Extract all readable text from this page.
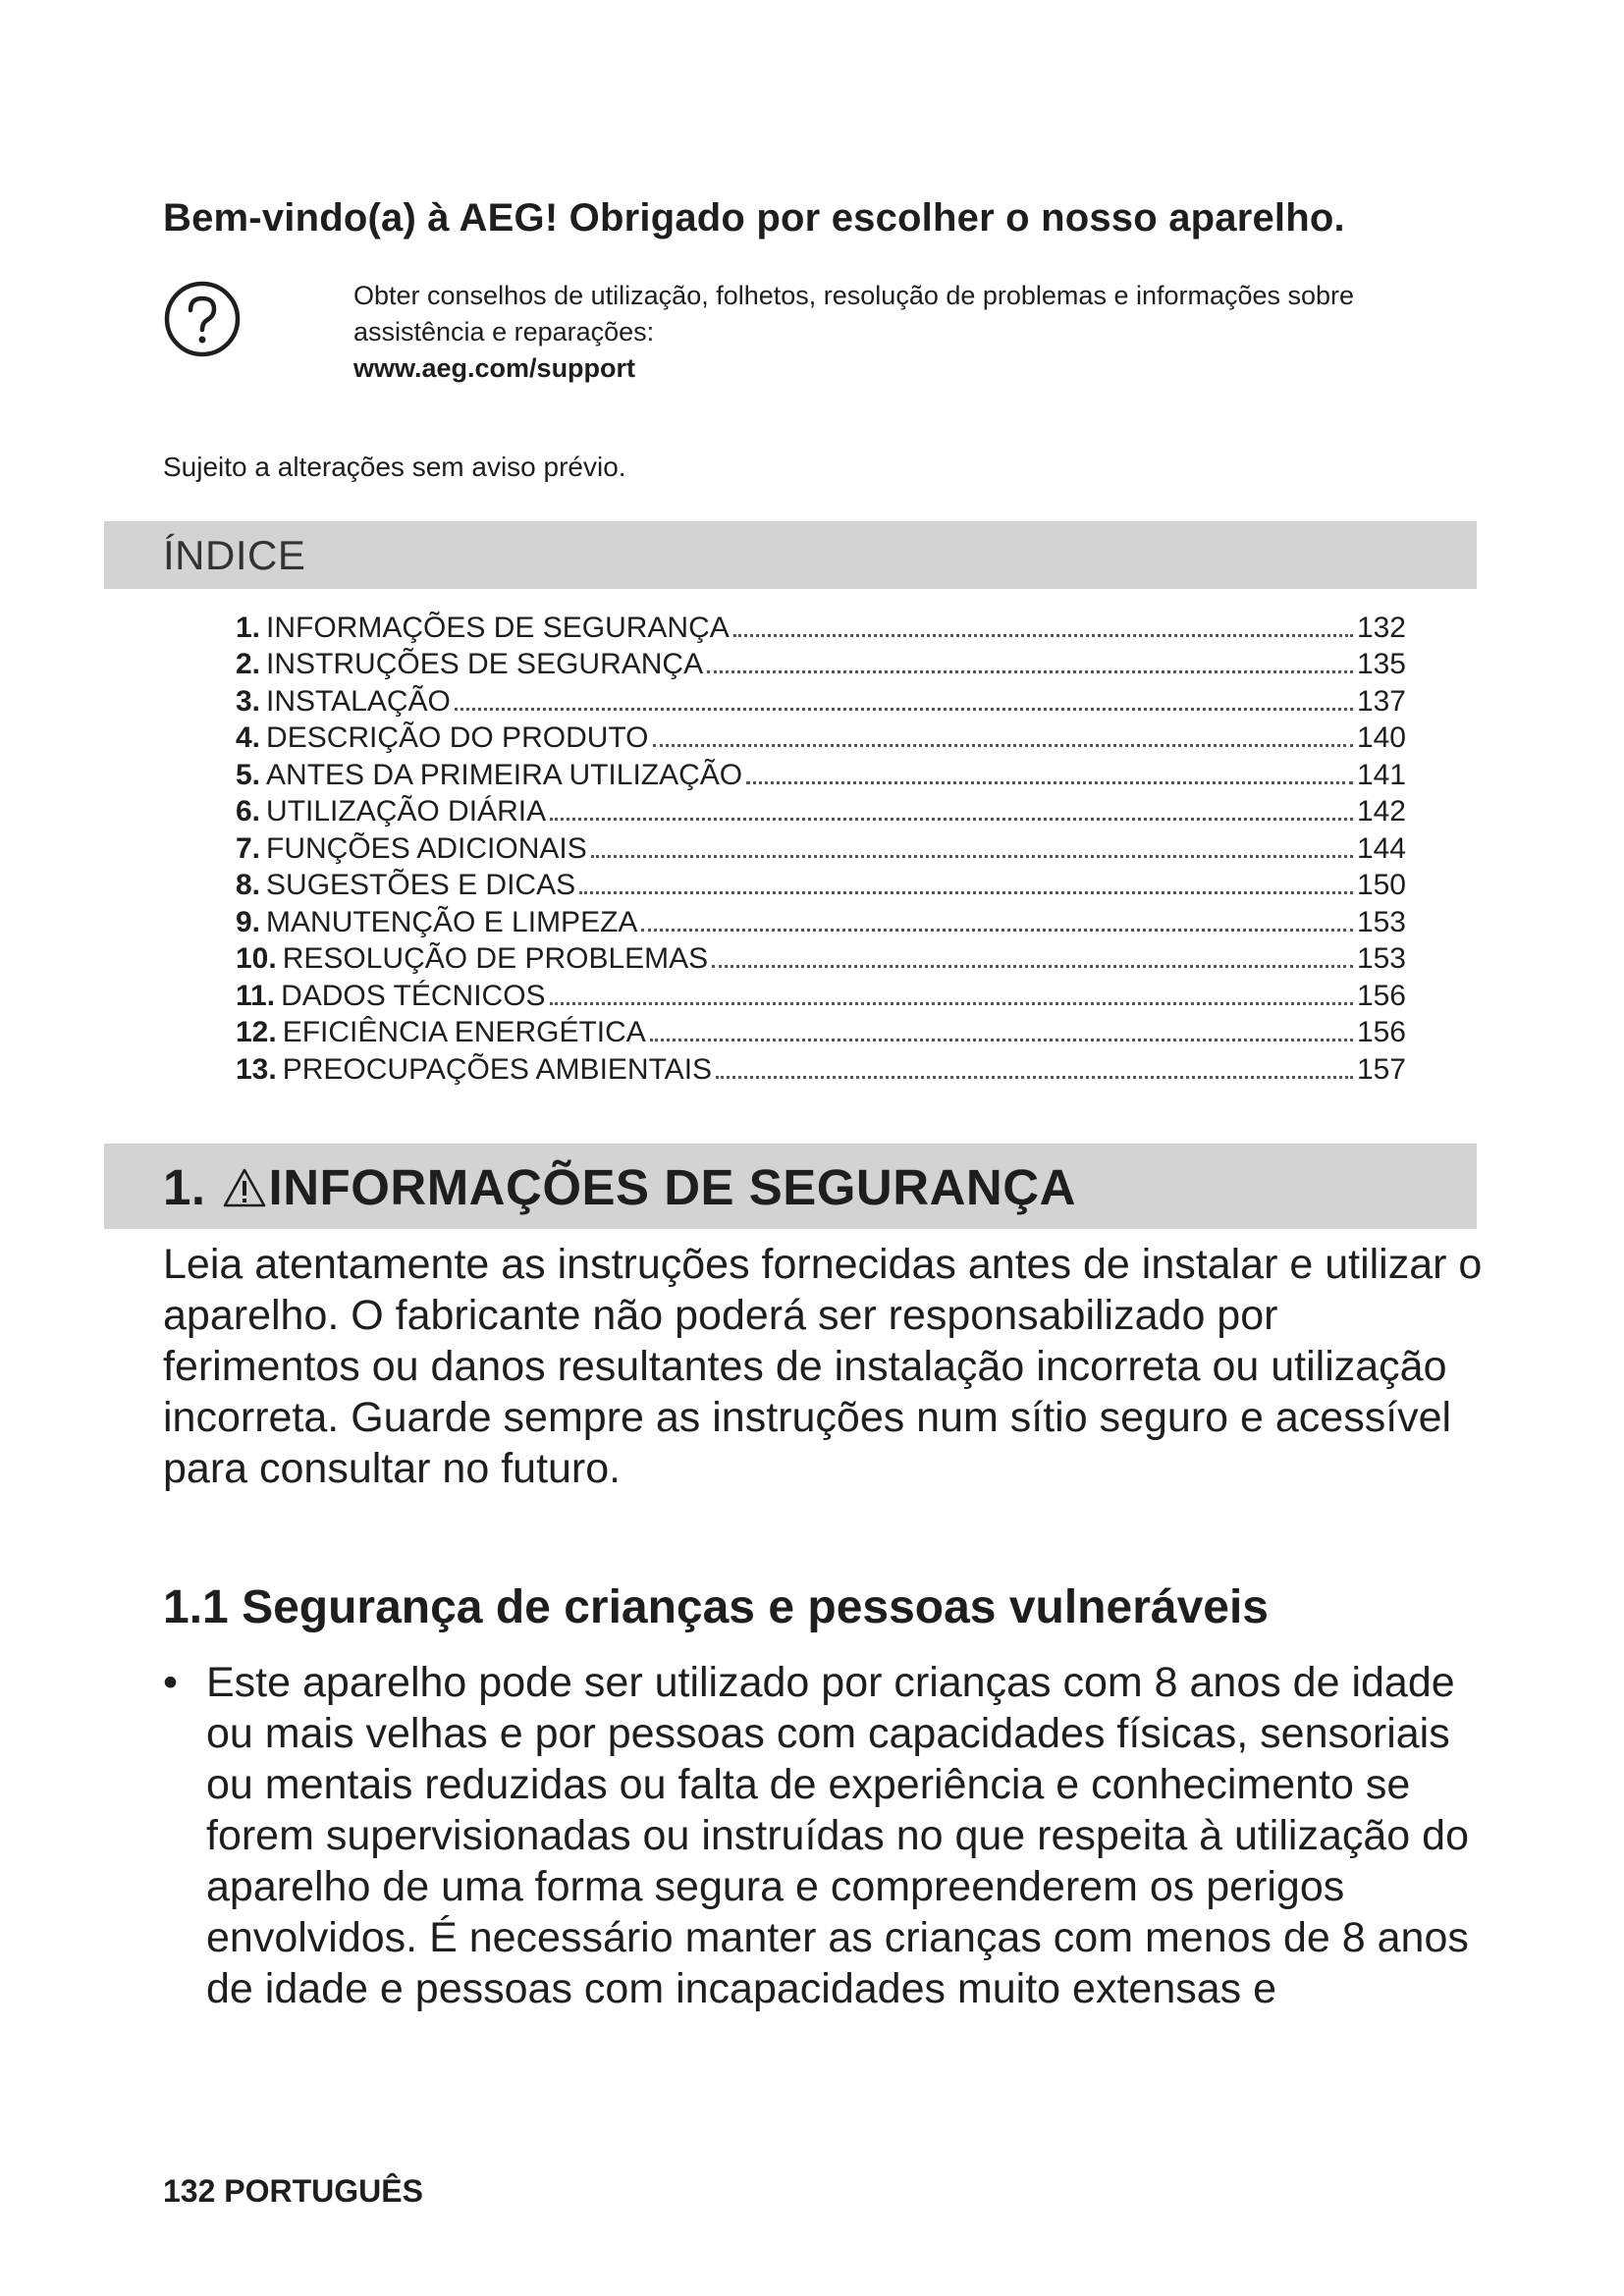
Bem-vindo(a) à AEG! Obrigado por escolher o nosso aparelho.
Obter conselhos de utilização, folhetos, resolução de problemas e informações sobre assistência e reparações:
www.aeg.com/support
Sujeito a alterações sem aviso prévio.
ÍNDICE
1. INFORMAÇÕES DE SEGURANÇA	132
2. INSTRUÇÕES DE SEGURANÇA	135
3. INSTALAÇÃO	137
4. DESCRIÇÃO DO PRODUTO	140
5. ANTES DA PRIMEIRA UTILIZAÇÃO	141
6. UTILIZAÇÃO DIÁRIA	142
7. FUNÇÕES ADICIONAIS	144
8. SUGESTÕES E DICAS	150
9. MANUTENÇÃO E LIMPEZA	153
10. RESOLUÇÃO DE PROBLEMAS	153
11. DADOS TÉCNICOS	156
12. EFICIÊNCIA ENERGÉTICA	156
13. PREOCUPAÇÕES AMBIENTAIS	157
1. INFORMAÇÕES DE SEGURANÇA
Leia atentamente as instruções fornecidas antes de instalar e utilizar o aparelho. O fabricante não poderá ser responsabilizado por ferimentos ou danos resultantes de instalação incorreta ou utilização incorreta. Guarde sempre as instruções num sítio seguro e acessível para consultar no futuro.
1.1 Segurança de crianças e pessoas vulneráveis
• Este aparelho pode ser utilizado por crianças com 8 anos de idade ou mais velhas e por pessoas com capacidades físicas, sensoriais ou mentais reduzidas ou falta de experiência e conhecimento se forem supervisionadas ou instruídas no que respeita à utilização do aparelho de uma forma segura e compreenderem os perigos envolvidos. É necessário manter as crianças com menos de 8 anos de idade e pessoas com incapacidades muito extensas e
132 PORTUGUÊS
